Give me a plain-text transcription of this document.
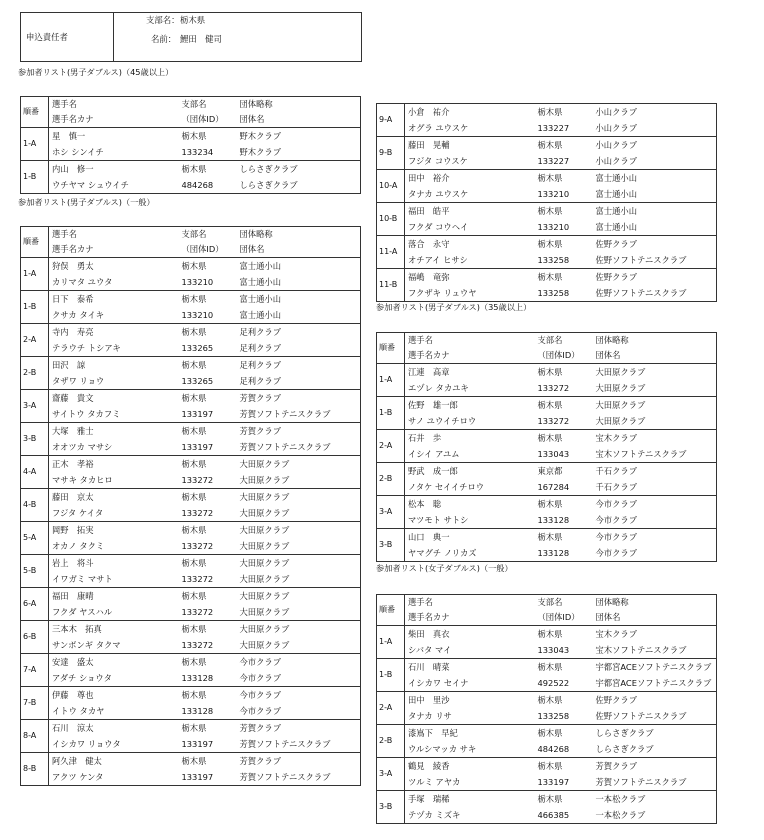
申込責任者
支部名： 栃木県
名前： 鯉田　健司
参加者リスト(男子ダブルス)（45歳以上）
参加者リスト(男子ダブルス)（一般）
参加者リスト(男子ダブルス)（35歳以上）
参加者リスト(女子ダブルス)（一般）
順番	選手名	支部名	団体略称
	選手名カナ	（団体ID）	団体名
1-A	星　慎一	栃木県	野木クラブ
	ホシ シンイチ	133234	野木クラブ
1-B	内山　修一	栃木県	しらさぎクラブ
	ウチヤマ シュウイチ	484268	しらさぎクラブ
順番	選手名	支部名	団体略称
	選手名カナ	（団体ID）	団体名
1-A	狩俣　勇太	栃木県	富士通小山
	カリマタ ユウタ	133210	富士通小山
1-B	日下　泰希	栃木県	富士通小山
	クサカ タイキ	133210	富士通小山
2-A	寺内　寿亮	栃木県	足利クラブ
	テラウチ トシアキ	133265	足利クラブ
2-B	田沢　諒	栃木県	足利クラブ
	タザワ リョウ	133265	足利クラブ
3-A	齋藤　貴文	栃木県	芳賀クラブ
	サイトウ タカフミ	133197	芳賀ソフトテニスクラブ
3-B	大塚　雅士	栃木県	芳賀クラブ
	オオツカ マサシ	133197	芳賀ソフトテニスクラブ
4-A	正木　孝裕	栃木県	大田原クラブ
	マサキ タカヒロ	133272	大田原クラブ
4-B	藤田　京太	栃木県	大田原クラブ
	フジタ ケイタ	133272	大田原クラブ
5-A	岡野　拓実	栃木県	大田原クラブ
	オカノ タクミ	133272	大田原クラブ
5-B	岩上　将斗	栃木県	大田原クラブ
	イワガミ マサト	133272	大田原クラブ
6-A	福田　康晴	栃木県	大田原クラブ
	フクダ ヤスハル	133272	大田原クラブ
6-B	三本木　拓真	栃木県	大田原クラブ
	サンボンギ タクマ	133272	大田原クラブ
7-A	安達　盛太	栃木県	今市クラブ
	アダチ ショウタ	133128	今市クラブ
7-B	伊藤　尊也	栃木県	今市クラブ
	イトウ タカヤ	133128	今市クラブ
8-A	石川　涼太	栃木県	芳賀クラブ
	イシカワ リョウタ	133197	芳賀ソフトテニスクラブ
8-B	阿久津　健太	栃木県	芳賀クラブ
	アクツ ケンタ	133197	芳賀ソフトテニスクラブ
9-A	小倉　祐介	栃木県	小山クラブ
	オグラ ユウスケ	133227	小山クラブ
9-B	藤田　晃輔	栃木県	小山クラブ
	フジタ コウスケ	133227	小山クラブ
10-A	田中　裕介	栃木県	富士通小山
	タナカ ユウスケ	133210	富士通小山
10-B	福田　皓平	栃木県	富士通小山
	フクダ コウヘイ	133210	富士通小山
11-A	落合　永守	栃木県	佐野クラブ
	オチアイ ヒサシ	133258	佐野ソフトテニスクラブ
11-B	福嶋　竜弥	栃木県	佐野クラブ
	フクザキ リュウヤ	133258	佐野ソフトテニスクラブ
順番	選手名	支部名	団体略称
	選手名カナ	（団体ID）	団体名
1-A	江連　高章	栃木県	大田原クラブ
	エヅレ タカユキ	133272	大田原クラブ
1-B	佐野　雄一郎	栃木県	大田原クラブ
	サノ ユウイチロウ	133272	大田原クラブ
2-A	石井　歩	栃木県	宝木クラブ
	イシイ アユム	133043	宝木ソフトテニスクラブ
2-B	野武　成一郎	東京都	千石クラブ
	ノタケ セイイチロウ	167284	千石クラブ
3-A	松本　聡	栃木県	今市クラブ
	マツモト サトシ	133128	今市クラブ
3-B	山口　典一	栃木県	今市クラブ
	ヤマグチ ノリカズ	133128	今市クラブ
順番	選手名	支部名	団体略称
	選手名カナ	（団体ID）	団体名
1-A	柴田　真衣	栃木県	宝木クラブ
	シバタ マイ	133043	宝木ソフトテニスクラブ
1-B	石川　晴菜	栃木県	宇都宮ACEソフトテニスクラブ
	イシカワ セイナ	492522	宇都宮ACEソフトテニスクラブ
2-A	田中　里沙	栃木県	佐野クラブ
	タナカ リサ	133258	佐野ソフトテニスクラブ
2-B	漆嶌下　早紀	栃木県	しらさぎクラブ
	ウルシマッカ サキ	484268	しらさぎクラブ
3-A	鶴見　綾香	栃木県	芳賀クラブ
	ツルミ アヤカ	133197	芳賀ソフトテニスクラブ
3-B	手塚　瑞稀	栃木県	一本松クラブ
	テヅカ ミズキ	466385	一本松クラブ
